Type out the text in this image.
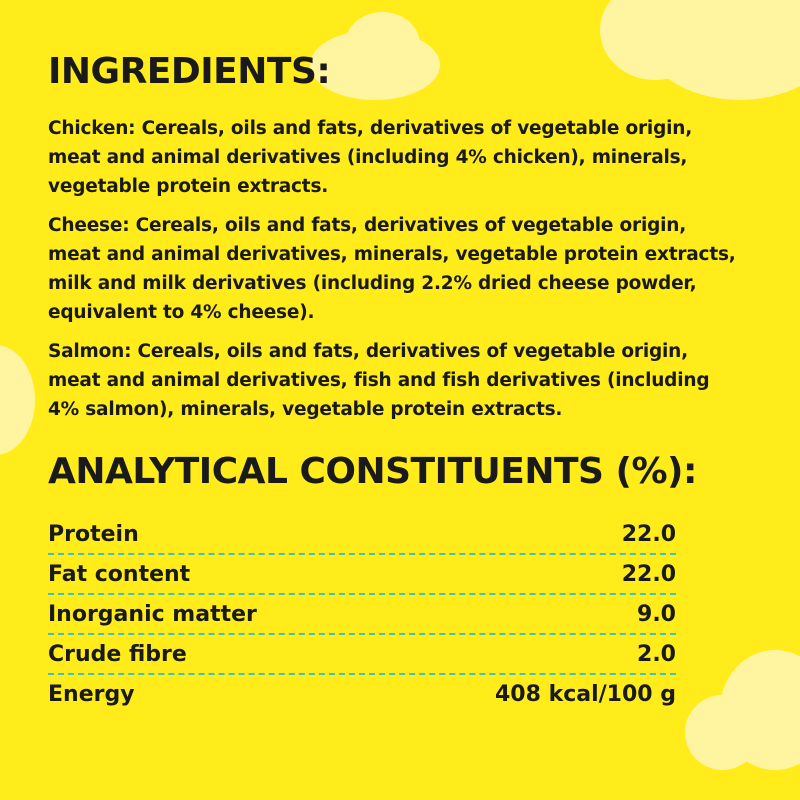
INGREDIENTS:

Chicken: Cereals, oils and fats, derivatives of vegetable origin, meat and animal derivatives (including 4% chicken), minerals, vegetable protein extracts.

Cheese: Cereals, oils and fats, derivatives of vegetable origin, meat and animal derivatives, minerals, vegetable protein extracts, milk and milk derivatives (including 2.2% dried cheese powder, equivalent to 4% cheese).

Salmon: Cereals, oils and fats, derivatives of vegetable origin, meat and animal derivatives, fish and fish derivatives (including 4% salmon), minerals, vegetable protein extracts.

ANALYTICAL CONSTITUENTS (%):
Protein	22.0
Fat content	22.0
Inorganic matter	9.0
Crude fibre	2.0
Energy	408 kcal/100 g
